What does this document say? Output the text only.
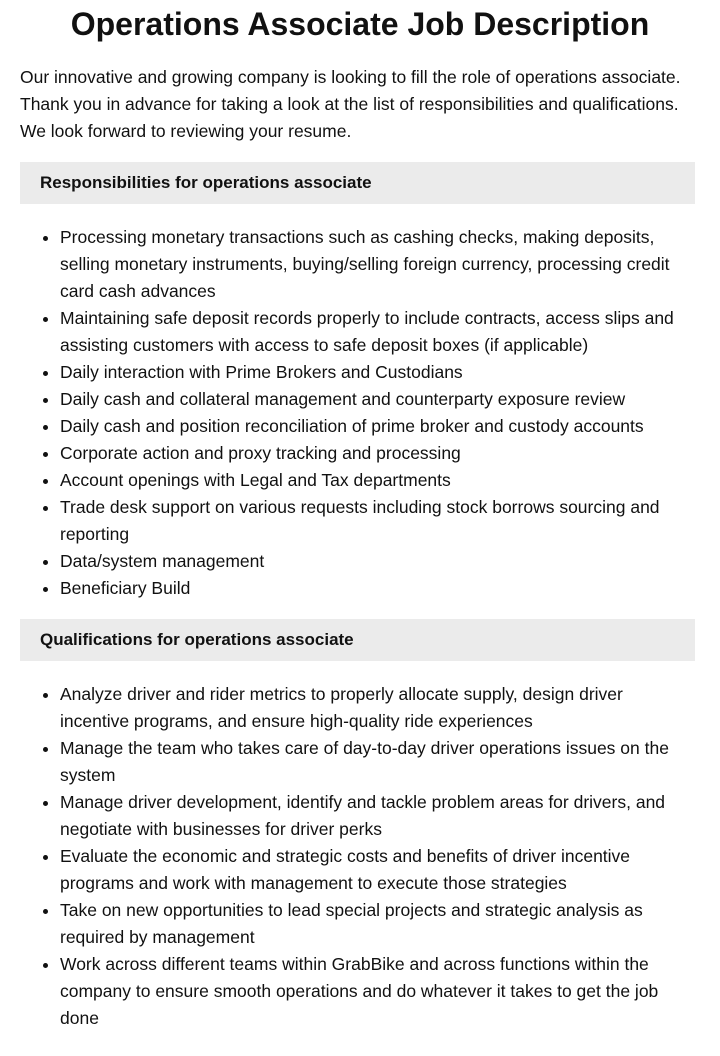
Operations Associate Job Description

Our innovative and growing company is looking to fill the role of operations associate. Thank you in advance for taking a look at the list of responsibilities and qualifications. We look forward to reviewing your resume.

Responsibilities for operations associate
• Processing monetary transactions such as cashing checks, making deposits, selling monetary instruments, buying/selling foreign currency, processing credit card cash advances
• Maintaining safe deposit records properly to include contracts, access slips and assisting customers with access to safe deposit boxes (if applicable)
• Daily interaction with Prime Brokers and Custodians
• Daily cash and collateral management and counterparty exposure review
• Daily cash and position reconciliation of prime broker and custody accounts
• Corporate action and proxy tracking and processing
• Account openings with Legal and Tax departments
• Trade desk support on various requests including stock borrows sourcing and reporting
• Data/system management
• Beneficiary Build
Qualifications for operations associate
• Analyze driver and rider metrics to properly allocate supply, design driver incentive programs, and ensure high-quality ride experiences
• Manage the team who takes care of day-to-day driver operations issues on the system
• Manage driver development, identify and tackle problem areas for drivers, and negotiate with businesses for driver perks
• Evaluate the economic and strategic costs and benefits of driver incentive programs and work with management to execute those strategies
• Take on new opportunities to lead special projects and strategic analysis as required by management
• Work across different teams within GrabBike and across functions within the company to ensure smooth operations and do whatever it takes to get the job done
